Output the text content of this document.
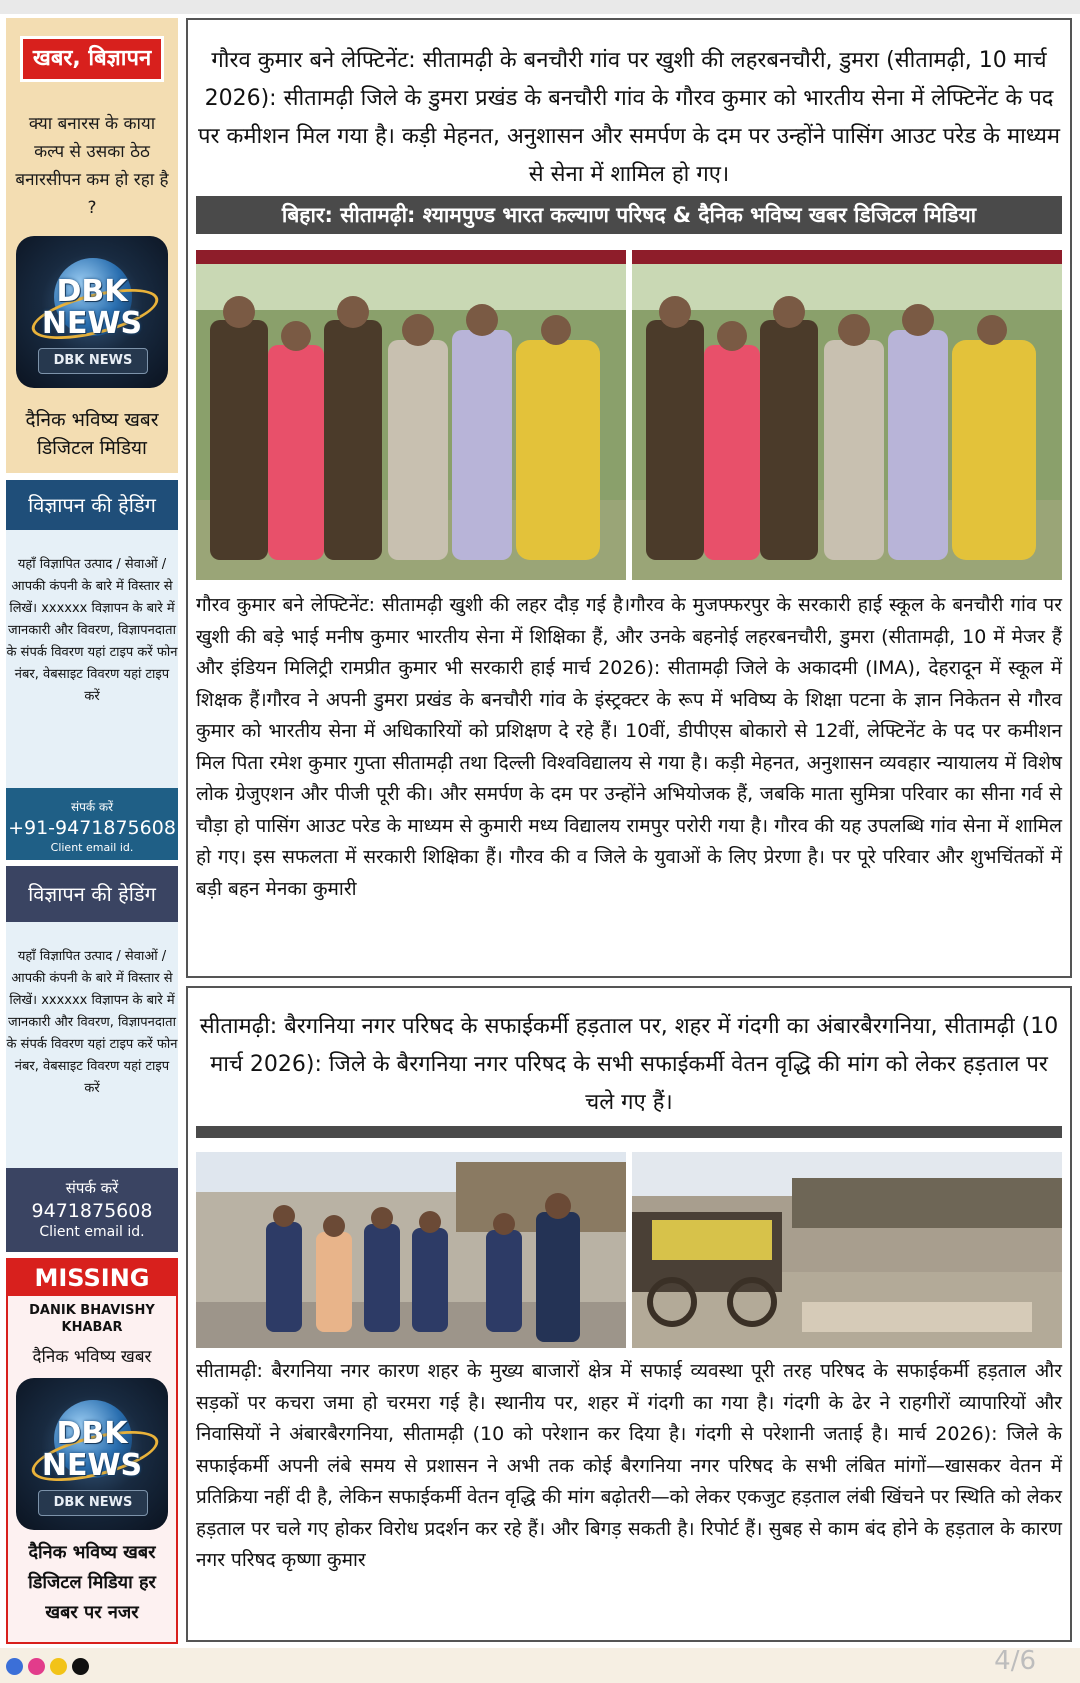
खबर, बिज्ञापन
क्या बनारस के काया कल्प से उसका ठेठ बनारसीपन कम हो रहा है ?
DBK NEWS
DBK NEWS
दैनिक भविष्य खबर डिजिटल मिडिया
विज्ञापन की हेडिंग
यहाँ विज्ञापित उत्पाद / सेवाओं / आपकी कंपनी के बारे में विस्तार से लिखें। xxxxxx विज्ञापन के बारे में जानकारी और विवरण, विज्ञापनदाता के संपर्क विवरण यहां टाइप करें फोन नंबर, वेबसाइट विवरण यहां टाइप करें
संपर्क करें
+91-9471875608
Client email id.
विज्ञापन की हेडिंग
यहाँ विज्ञापित उत्पाद / सेवाओं / आपकी कंपनी के बारे में विस्तार से लिखें। xxxxxx विज्ञापन के बारे में जानकारी और विवरण, विज्ञापनदाता के संपर्क विवरण यहां टाइप करें फोन नंबर, वेबसाइट विवरण यहां टाइप करें
संपर्क करें
9471875608
Client email id.
MISSING
DANIK BHAVISHY KHABAR
दैनिक भविष्य खबर
DBK NEWS
DBK NEWS
दैनिक भविष्य खबर डिजिटल मिडिया हर खबर पर नजर
गौरव कुमार बने लेफ्टिनेंट: सीतामढ़ी के बनचौरी गांव पर खुशी की लहरबनचौरी, डुमरा (सीतामढ़ी, 10 मार्च 2026): सीतामढ़ी जिले के डुमरा प्रखंड के बनचौरी गांव के गौरव कुमार को भारतीय सेना में लेफ्टिनेंट के पद पर कमीशन मिल गया है। कड़ी मेहनत, अनुशासन और समर्पण के दम पर उन्होंने पासिंग आउट परेड के माध्यम से सेना में शामिल हो गए।
बिहार: सीतामढ़ी: श्यामपुण्ड भारत कल्याण परिषद & दैनिक भविष्य खबर डिजिटल मिडिया
गौरव कुमार बने लेफ्टिनेंट: सीतामढ़ी खुशी की लहर दौड़ गई है।गौरव के मुजफ्फरपुर के सरकारी हाई स्कूल के बनचौरी गांव पर खुशी की बड़े भाई मनीष कुमार भारतीय सेना में शिक्षिका हैं, और उनके बहनोई लहरबनचौरी, डुमरा (सीतामढ़ी, 10 में मेजर हैं और इंडियन मिलिट्री रामप्रीत कुमार भी सरकारी हाई मार्च 2026): सीतामढ़ी जिले के अकादमी (IMA), देहरादून में स्कूल में शिक्षक हैं।गौरव ने अपनी डुमरा प्रखंड के बनचौरी गांव के इंस्ट्रक्टर के रूप में भविष्य के शिक्षा पटना के ज्ञान निकेतन से गौरव कुमार को भारतीय सेना में अधिकारियों को प्रशिक्षण दे रहे हैं। 10वीं, डीपीएस बोकारो से 12वीं, लेफ्टिनेंट के पद पर कमीशन मिल पिता रमेश कुमार गुप्ता सीतामढ़ी तथा दिल्ली विश्वविद्यालय से गया है। कड़ी मेहनत, अनुशासन व्यवहार न्यायालय में विशेष लोक ग्रेजुएशन और पीजी पूरी की। और समर्पण के दम पर उन्होंने अभियोजक हैं, जबकि माता सुमित्रा परिवार का सीना गर्व से चौड़ा हो पासिंग आउट परेड के माध्यम से कुमारी मध्य विद्यालय रामपुर परोरी गया है। गौरव की यह उपलब्धि गांव सेना में शामिल हो गए। इस सफलता में सरकारी शिक्षिका हैं। गौरव की व जिले के युवाओं के लिए प्रेरणा है। पर पूरे परिवार और शुभचिंतकों में बड़ी बहन मेनका कुमारी
सीतामढ़ी: बैरगनिया नगर परिषद के सफाईकर्मी हड़ताल पर, शहर में गंदगी का अंबारबैरगनिया, सीतामढ़ी (10 मार्च 2026): जिले के बैरगनिया नगर परिषद के सभी सफाईकर्मी वेतन वृद्धि की मांग को लेकर हड़ताल पर चले गए हैं।
सीतामढ़ी: बैरगनिया नगर कारण शहर के मुख्य बाजारों क्षेत्र में सफाई व्यवस्था पूरी तरह परिषद के सफाईकर्मी हड़ताल और सड़कों पर कचरा जमा हो चरमरा गई है। स्थानीय पर, शहर में गंदगी का गया है। गंदगी के ढेर ने राहगीरों व्यापारियों और निवासियों ने अंबारबैरगनिया, सीतामढ़ी (10 को परेशान कर दिया है। गंदगी से परेशानी जताई है। मार्च 2026): जिले के सफाईकर्मी अपनी लंबे समय से प्रशासन ने अभी तक कोई बैरगनिया नगर परिषद के सभी लंबित मांगों—खासकर वेतन में प्रतिक्रिया नहीं दी है, लेकिन सफाईकर्मी वेतन वृद्धि की मांग बढ़ोतरी—को लेकर एकजुट हड़ताल लंबी खिंचने पर स्थिति को लेकर हड़ताल पर चले गए होकर विरोध प्रदर्शन कर रहे हैं। और बिगड़ सकती है। रिपोर्ट हैं। सुबह से काम बंद होने के हड़ताल के कारण नगर परिषद कृष्णा कुमार
4/6
